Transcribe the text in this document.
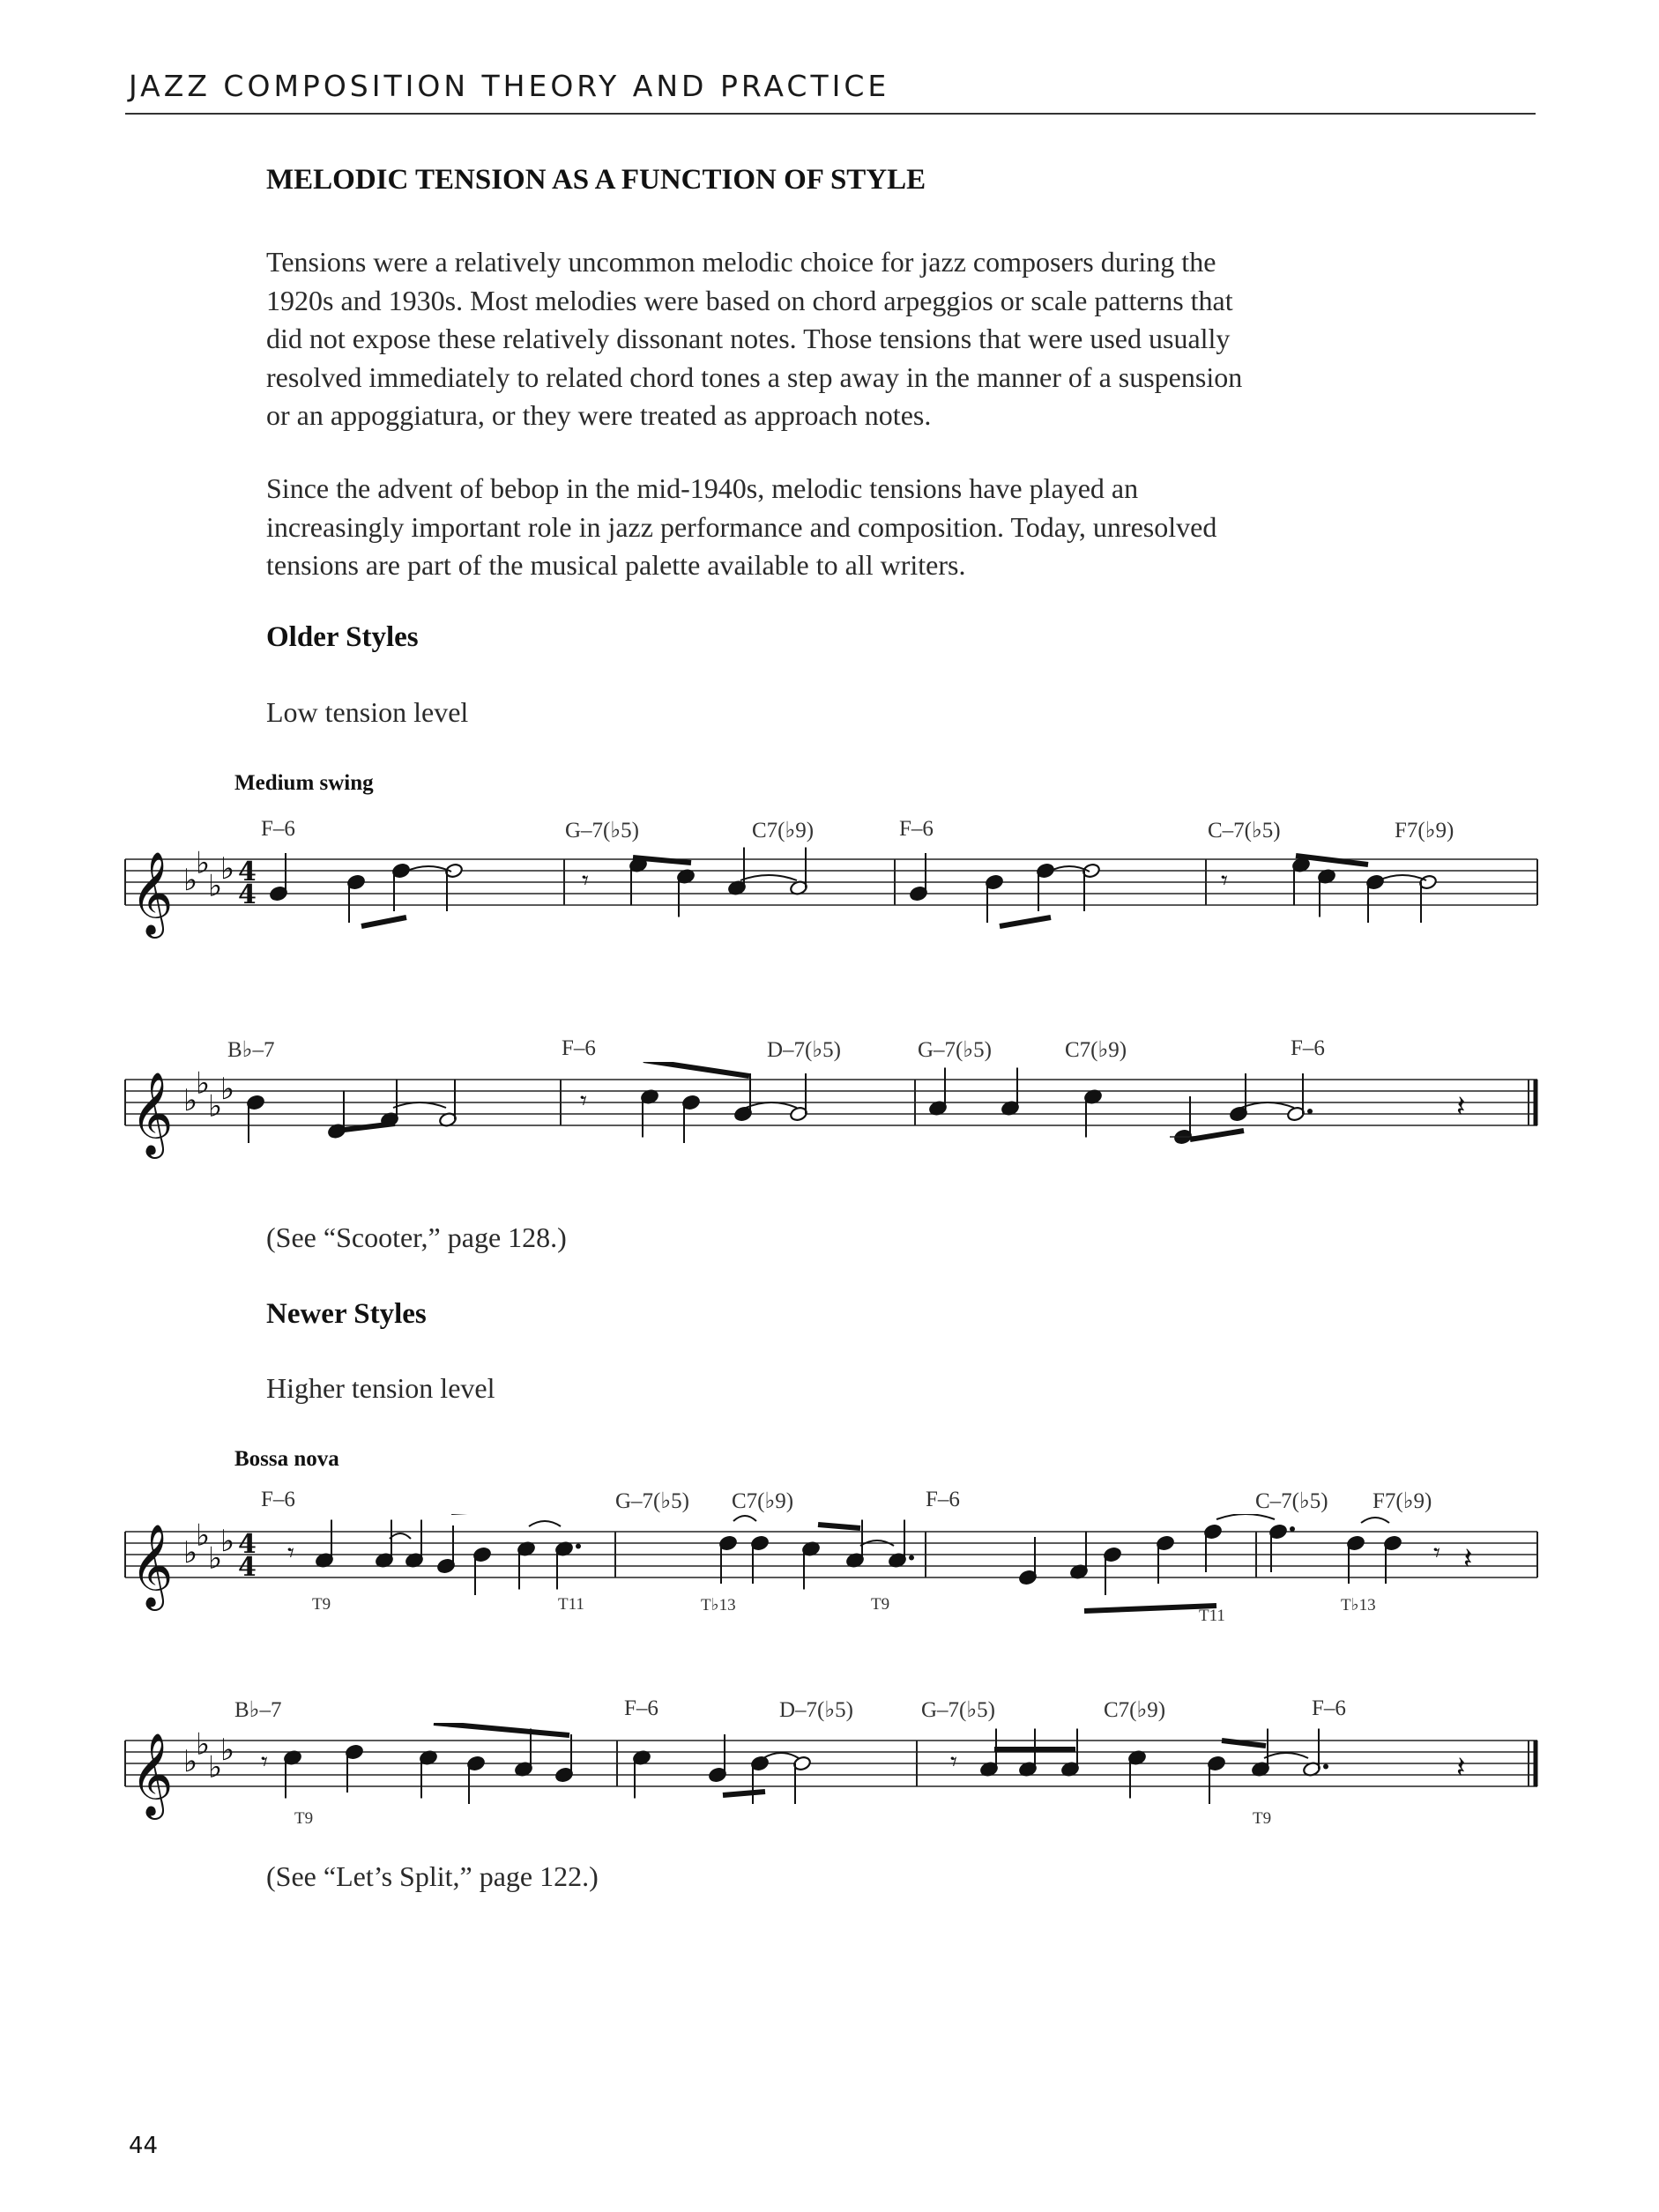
JAZZ COMPOSITION THEORY AND PRACTICE
MELODIC TENSION AS A FUNCTION OF STYLE

Tensions were a relatively uncommon melodic choice for jazz composers during the
1920s and 1930s. Most melodies were based on chord arpeggios or scale patterns that
did not expose these relatively dissonant notes. Those tensions that were used usually
resolved immediately to related chord tones a step away in the manner of a suspension
or an appoggiatura, or they were treated as approach notes.

Since the advent of bebop in the mid-1940s, melodic tensions have played an
increasingly important role in jazz performance and composition. Today, unresolved
tensions are part of the musical palette available to all writers.

Older Styles
Low tension level
Medium swing
F–6	G–7(♭5)	C7(♭9)	F–6	C–7(♭5)	F7(♭9)
𝄞 ♭
♭
♭
♭ 4
4	𝄾	𝄾
B♭–7	F–6	D–7(♭5)	G–7(♭5)	C7(♭9)	F–6
𝄞 ♭
♭
♭
♭	𝄾	𝄽
(See “Scooter,” page 128.)
Newer Styles
Higher tension level
Bossa nova
F–6	G–7(♭5) C7(♭9)	F–6	C–7(♭5) F7(♭9)
𝄞 ♭
♭
♭
♭ 4
4 𝄾	𝄾 𝄽
T9	T11	T♭13	T9
T11
T♭13
B♭–7	F–6	D–7(♭5)	G–7(♭5)	C7(♭9)	F–6
𝄞 ♭
♭
♭
♭ 𝄾	𝄾	𝄽
T9	T9
(See “Let’s Split,” page 122.)
44
